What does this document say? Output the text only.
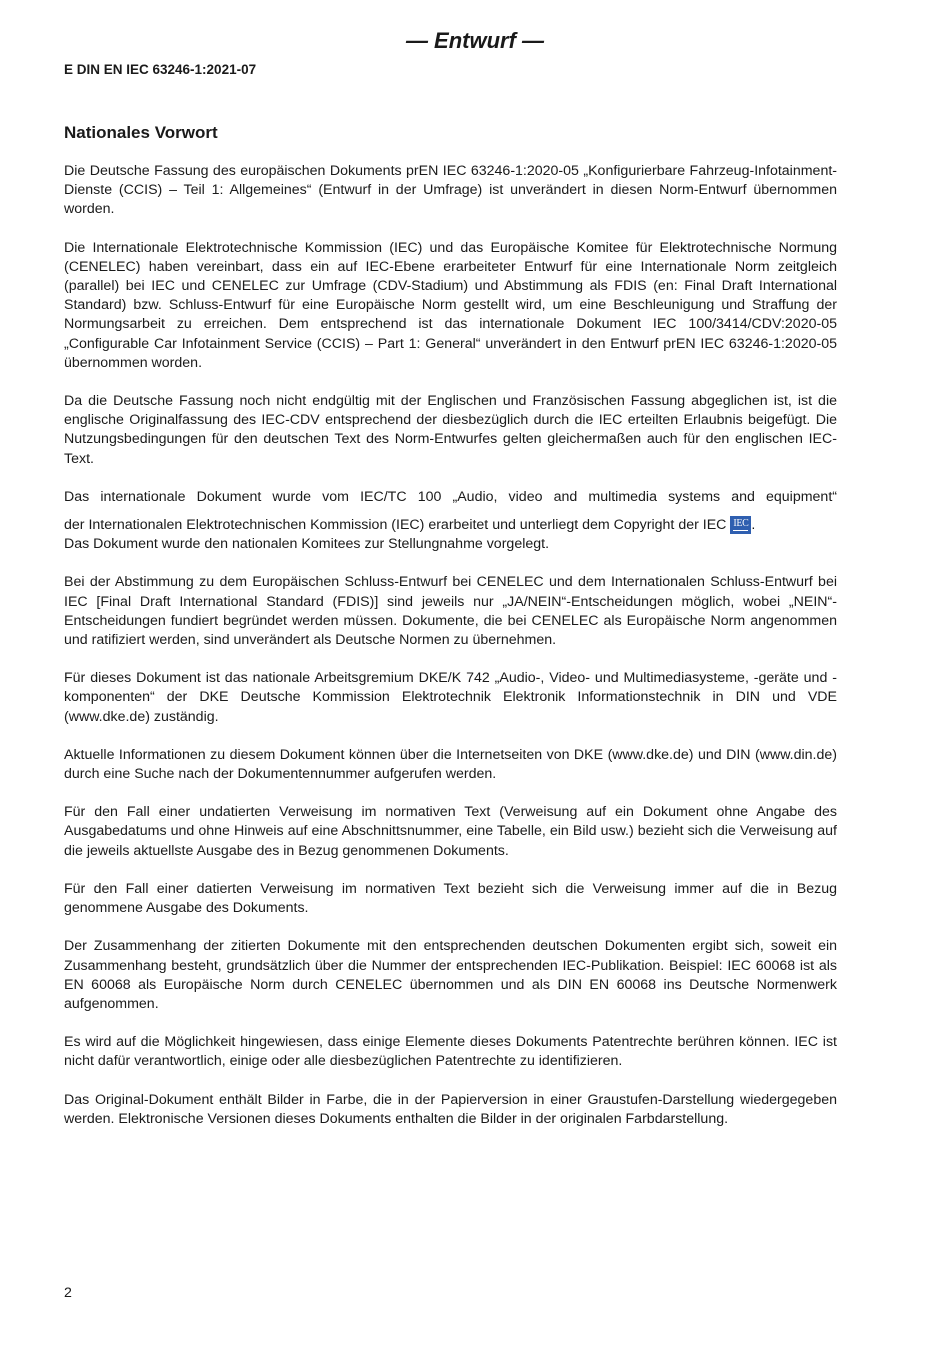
— Entwurf —
E DIN EN IEC 63246-1:2021-07
Nationales Vorwort

Die Deutsche Fassung des europäischen Dokuments prEN IEC 63246-1:2020-05 „Konfigurierbare Fahrzeug-Infotainment-Dienste (CCIS) – Teil 1: Allgemeines“ (Entwurf in der Umfrage) ist unverändert in diesen Norm-Entwurf übernommen worden.

Die Internationale Elektrotechnische Kommission (IEC) und das Europäische Komitee für Elektrotechnische Normung (CENELEC) haben vereinbart, dass ein auf IEC-Ebene erarbeiteter Entwurf für eine Internationale Norm zeitgleich (parallel) bei IEC und CENELEC zur Umfrage (CDV-Stadium) und Abstimmung als FDIS (en: Final Draft International Standard) bzw. Schluss-Entwurf für eine Europäische Norm gestellt wird, um eine Beschleunigung und Straffung der Normungsarbeit zu erreichen. Dem entsprechend ist das internationale Dokument IEC 100/3414/CDV:2020-05 „Configurable Car Infotainment Service (CCIS) – Part 1: General“ unverändert in den Entwurf prEN IEC 63246-1:2020-05 übernommen worden.

Da die Deutsche Fassung noch nicht endgültig mit der Englischen und Französischen Fassung abgeglichen ist, ist die englische Originalfassung des IEC-CDV entsprechend der diesbezüglich durch die IEC erteilten Erlaubnis beigefügt. Die Nutzungsbedingungen für den deutschen Text des Norm-Entwurfes gelten gleichermaßen auch für den englischen IEC-Text.

Das internationale Dokument wurde vom IEC/TC 100 „Audio, video and multimedia systems and equipment“
der Internationalen Elektrotechnischen Kommission (IEC) erarbeitet und unterliegt dem Copyright der IEC IEC .
Das Dokument wurde den nationalen Komitees zur Stellungnahme vorgelegt.

Bei der Abstimmung zu dem Europäischen Schluss-Entwurf bei CENELEC und dem Internationalen Schluss-Entwurf bei IEC [Final Draft International Standard (FDIS)] sind jeweils nur „JA/NEIN“-Entscheidungen möglich, wobei „NEIN“-Entscheidungen fundiert begründet werden müssen. Dokumente, die bei CENELEC als Europäische Norm angenommen und ratifiziert werden, sind unverändert als Deutsche Normen zu übernehmen.

Für dieses Dokument ist das nationale Arbeitsgremium DKE/K 742 „Audio-, Video- und Multimediasysteme, -geräte und -komponenten“ der DKE Deutsche Kommission Elektrotechnik Elektronik Informationstechnik in DIN und VDE (www.dke.de) zuständig.

Aktuelle Informationen zu diesem Dokument können über die Internetseiten von DKE (www.dke.de) und DIN (www.din.de) durch eine Suche nach der Dokumentennummer aufgerufen werden.

Für den Fall einer undatierten Verweisung im normativen Text (Verweisung auf ein Dokument ohne Angabe des Ausgabedatums und ohne Hinweis auf eine Abschnittsnummer, eine Tabelle, ein Bild usw.) bezieht sich die Verweisung auf die jeweils aktuellste Ausgabe des in Bezug genommenen Dokuments.

Für den Fall einer datierten Verweisung im normativen Text bezieht sich die Verweisung immer auf die in Bezug genommene Ausgabe des Dokuments.

Der Zusammenhang der zitierten Dokumente mit den entsprechenden deutschen Dokumenten ergibt sich, soweit ein Zusammenhang besteht, grundsätzlich über die Nummer der entsprechenden IEC-Publikation. Beispiel: IEC 60068 ist als EN 60068 als Europäische Norm durch CENELEC übernommen und als DIN EN 60068 ins Deutsche Normenwerk aufgenommen.

Es wird auf die Möglichkeit hingewiesen, dass einige Elemente dieses Dokuments Patentrechte berühren können. IEC ist nicht dafür verantwortlich, einige oder alle diesbezüglichen Patentrechte zu identifizieren.

Das Original-Dokument enthält Bilder in Farbe, die in der Papierversion in einer Graustufen-Darstellung wiedergegeben werden. Elektronische Versionen dieses Dokuments enthalten die Bilder in der originalen Farbdarstellung.

2
